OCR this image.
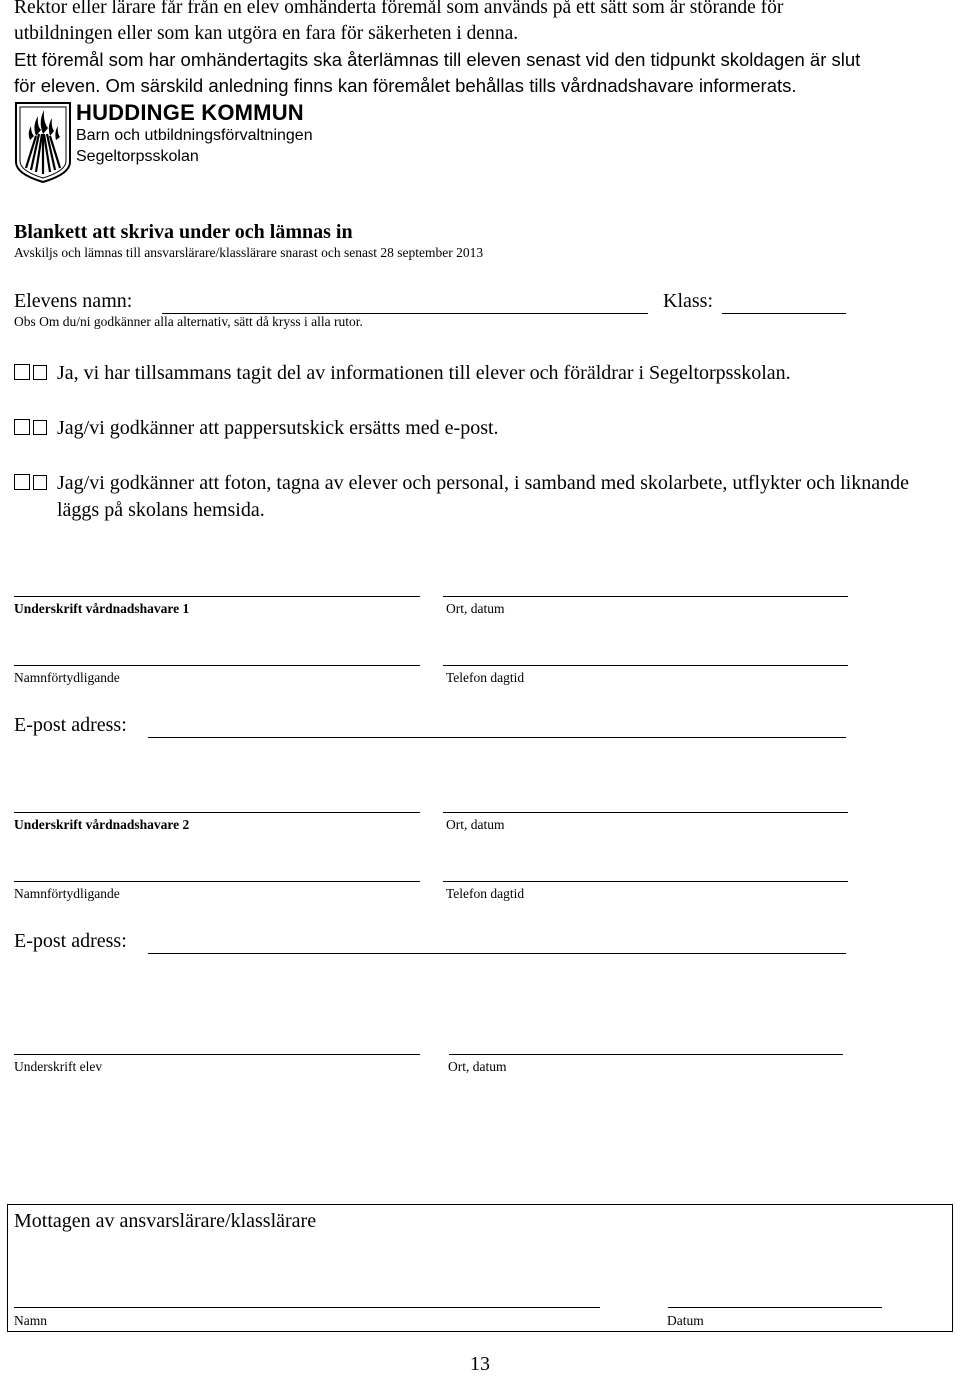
Rektor eller lärare får från en elev omhänderta föremål som används på ett sätt som är störande för
utbildningen eller som kan utgöra en fara för säkerheten i denna.
Ett föremål som har omhändertagits ska återlämnas till eleven senast vid den tidpunkt skoldagen är slut
för eleven. Om särskild anledning finns kan föremålet behållas tills vårdnadshavare informerats.
HUDDINGE KOMMUN
Barn och utbildningsförvaltningen
Segeltorpsskolan
Blankett att skriva under och lämnas in
Avskiljs och lämnas till ansvarslärare/klasslärare snarast och senast 28 september 2013
Elevens namn:	Klass:
Obs Om du/ni godkänner alla alternativ, sätt då kryss i alla rutor.
Ja, vi har tillsammans tagit del av informationen till elever och föräldrar i Segeltorpsskolan.
Jag/vi godkänner att pappersutskick ersätts med e-post.
Jag/vi godkänner att foton, tagna av elever och personal, i samband med skolarbete, utflykter och liknande läggs på skolans hemsida.
Underskrift vårdnadshavare 1	Ort, datum
Namnförtydligande	Telefon dagtid
E-post adress:
Underskrift vårdnadshavare 2	Ort, datum
Namnförtydligande	Telefon dagtid
E-post adress:
Underskrift elev	Ort, datum
Mottagen av ansvarslärare/klasslärare
Namn	Datum
13
